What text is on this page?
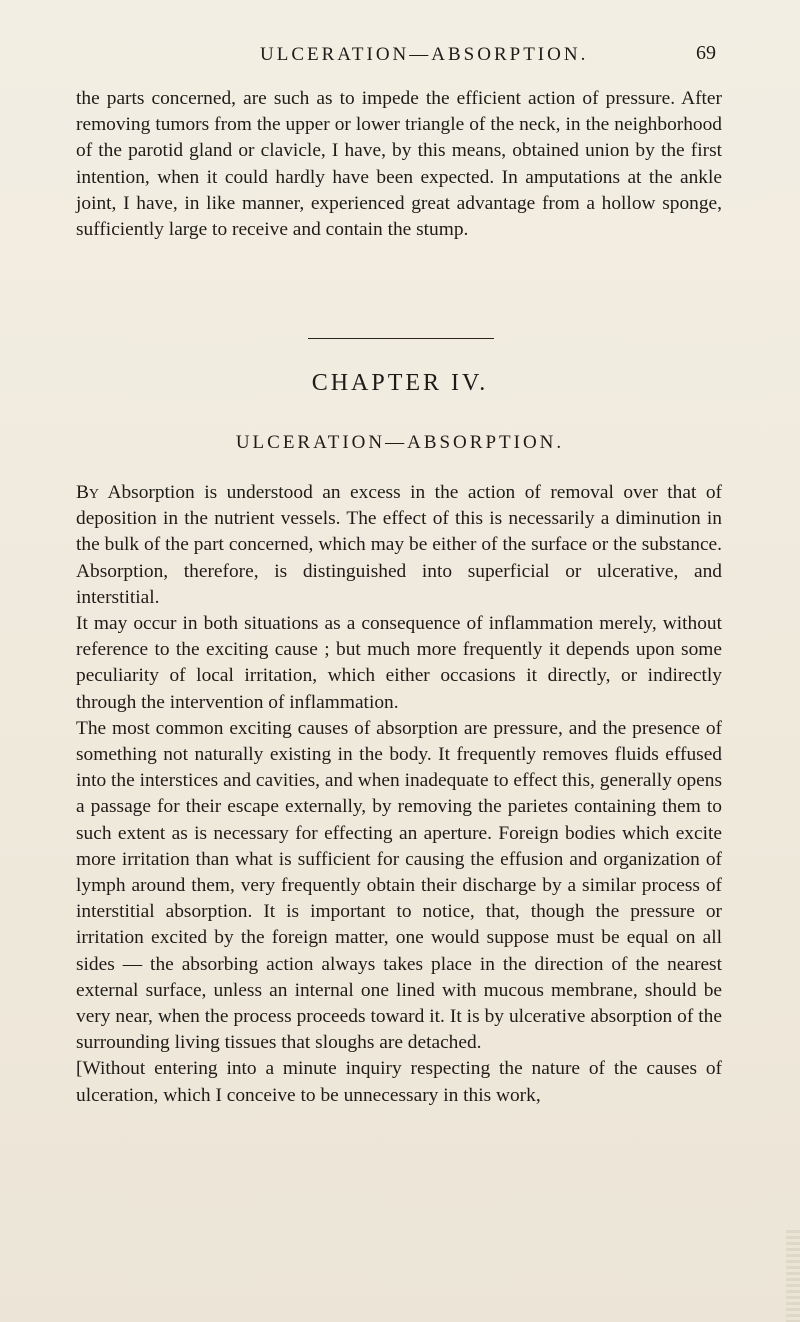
ULCERATION—ABSORPTION.	69

the parts concerned, are such as to impede the efficient action of pressure. After removing tumors from the upper or lower triangle of the neck, in the neighborhood of the parotid gland or clavicle, I have, by this means, obtained union by the first intention, when it could hardly have been expected. In amputations at the ankle joint, I have, in like manner, experienced great advantage from a hollow sponge, sufficiently large to receive and contain the stump.

CHAPTER IV.
ULCERATION—ABSORPTION.

By Absorption is understood an excess in the action of removal over that of deposition in the nutrient vessels. The effect of this is necessarily a diminution in the bulk of the part concerned, which may be either of the surface or the substance. Absorption, therefore, is distinguished into superficial or ulcerative, and interstitial.

It may occur in both situations as a consequence of inflammation merely, without reference to the exciting cause ; but much more frequently it depends upon some peculiarity of local irritation, which either occasions it directly, or indirectly through the intervention of inflammation.

The most common exciting causes of absorption are pressure, and the presence of something not naturally existing in the body. It frequently removes fluids effused into the interstices and cavities, and when inadequate to effect this, generally opens a passage for their escape externally, by removing the parietes containing them to such extent as is necessary for effecting an aperture. Foreign bodies which excite more irritation than what is sufficient for causing the effusion and organization of lymph around them, very frequently obtain their discharge by a similar process of interstitial absorption. It is important to notice, that, though the pressure or irritation excited by the foreign matter, one would suppose must be equal on all sides — the absorbing action always takes place in the direction of the nearest external surface, unless an internal one lined with mucous membrane, should be very near, when the process proceeds toward it. It is by ulcerative absorption of the surrounding living tissues that sloughs are detached.

[Without entering into a minute inquiry respecting the nature of the causes of ulceration, which I conceive to be unnecessary in this work,
